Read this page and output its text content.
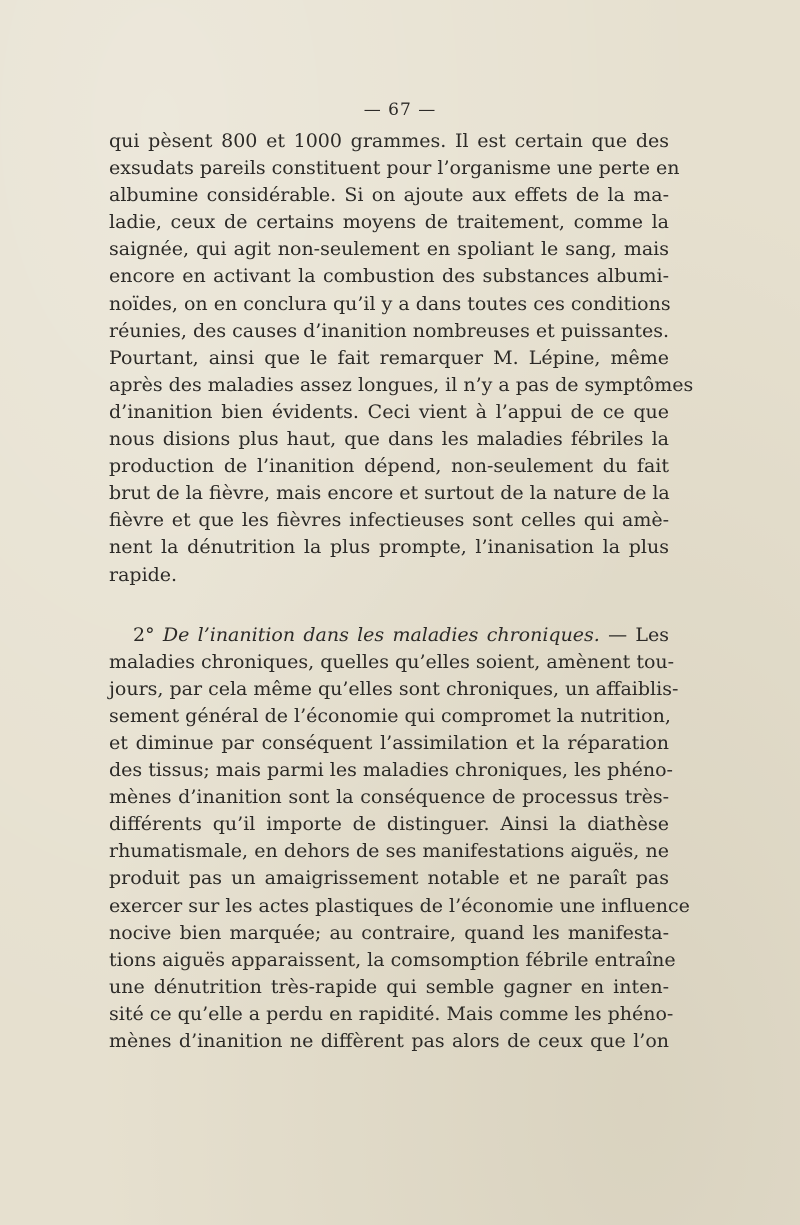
— 67 —
qui pèsent 800 et 1000 grammes. Il est certain que des
exsudats pareils constituent pour l’organisme une perte en
albumine considérable. Si on ajoute aux effets de la ma-
ladie, ceux de certains moyens de traitement, comme la
saignée, qui agit non-seulement en spoliant le sang, mais
encore en activant la combustion des substances albumi-
noïdes, on en conclura qu’il y a dans toutes ces conditions
réunies, des causes d’inanition nombreuses et puissantes.
Pourtant, ainsi que le fait remarquer M. Lépine, même
après des maladies assez longues, il n’y a pas de symptômes
d’inanition bien évidents. Ceci vient à l’appui de ce que
nous disions plus haut, que dans les maladies fébriles la
production de l’inanition dépend, non-seulement du fait
brut de la fièvre, mais encore et surtout de la nature de la
fièvre et que les fièvres infectieuses sont celles qui amè-
nent la dénutrition la plus prompte, l’inanisation la plus
rapide.
2° De l’inanition dans les maladies chroniques. — Les
maladies chroniques, quelles qu’elles soient, amènent tou-
jours, par cela même qu’elles sont chroniques, un affaiblis-
sement général de l’économie qui compromet la nutrition,
et diminue par conséquent l’assimilation et la réparation
des tissus; mais parmi les maladies chroniques, les phéno-
mènes d’inanition sont la conséquence de processus très-
différents qu’il importe de distinguer. Ainsi la diathèse
rhumatismale, en dehors de ses manifestations aiguës, ne
produit pas un amaigrissement notable et ne paraît pas
exercer sur les actes plastiques de l’économie une influence
nocive bien marquée; au contraire, quand les manifesta-
tions aiguës apparaissent, la comsomption fébrile entraîne
une dénutrition très-rapide qui semble gagner en inten-
sité ce qu’elle a perdu en rapidité. Mais comme les phéno-
mènes d’inanition ne diffèrent pas alors de ceux que l’on
